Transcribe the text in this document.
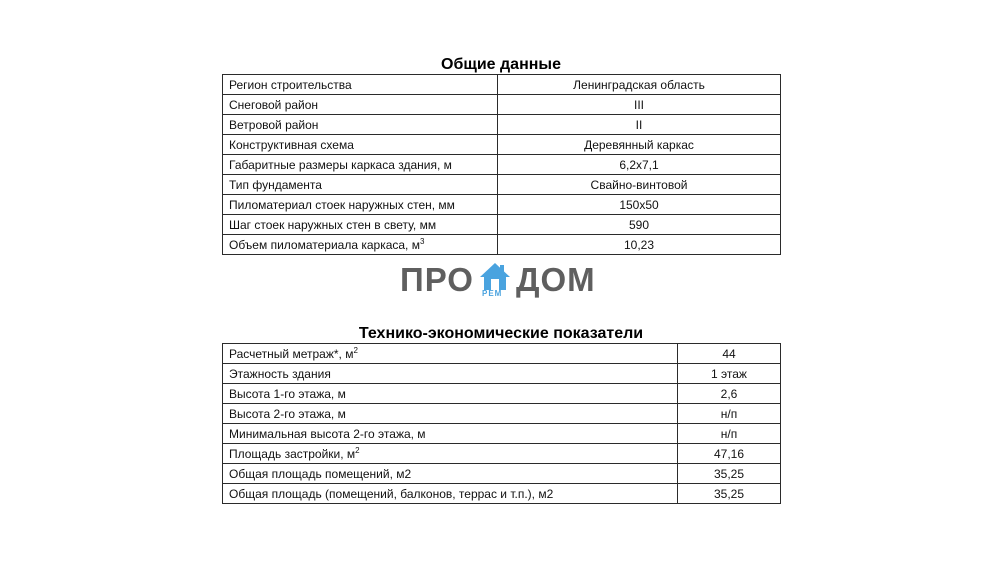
Общие данные
Регион строительства	Ленинградская область
Снеговой район	III
Ветровой район	II
Конструктивная схема	Деревянный каркас
Габаритные размеры каркаса здания, м	6,2х7,1
Тип фундамента	Свайно-винтовой
Пиломатериал стоек наружных стен, мм	150х50
Шаг стоек наружных стен в свету, мм	590
Объем пиломатериала каркаса, $м^3$	10,23
ПРО РЕМ ДОМ
Технико-экономические показатели
Расчетный метраж*, $м^2$	44
Этажность здания	1 этаж
Высота 1-го этажа, м	2,6
Высота 2-го этажа, м	н/п
Минимальная высота 2-го этажа, м	н/п
Площадь застройки, $м^2$	47,16
Общая площадь помещений, м2	35,25
Общая площадь (помещений, балконов, террас и т.п.), м2	35,25
